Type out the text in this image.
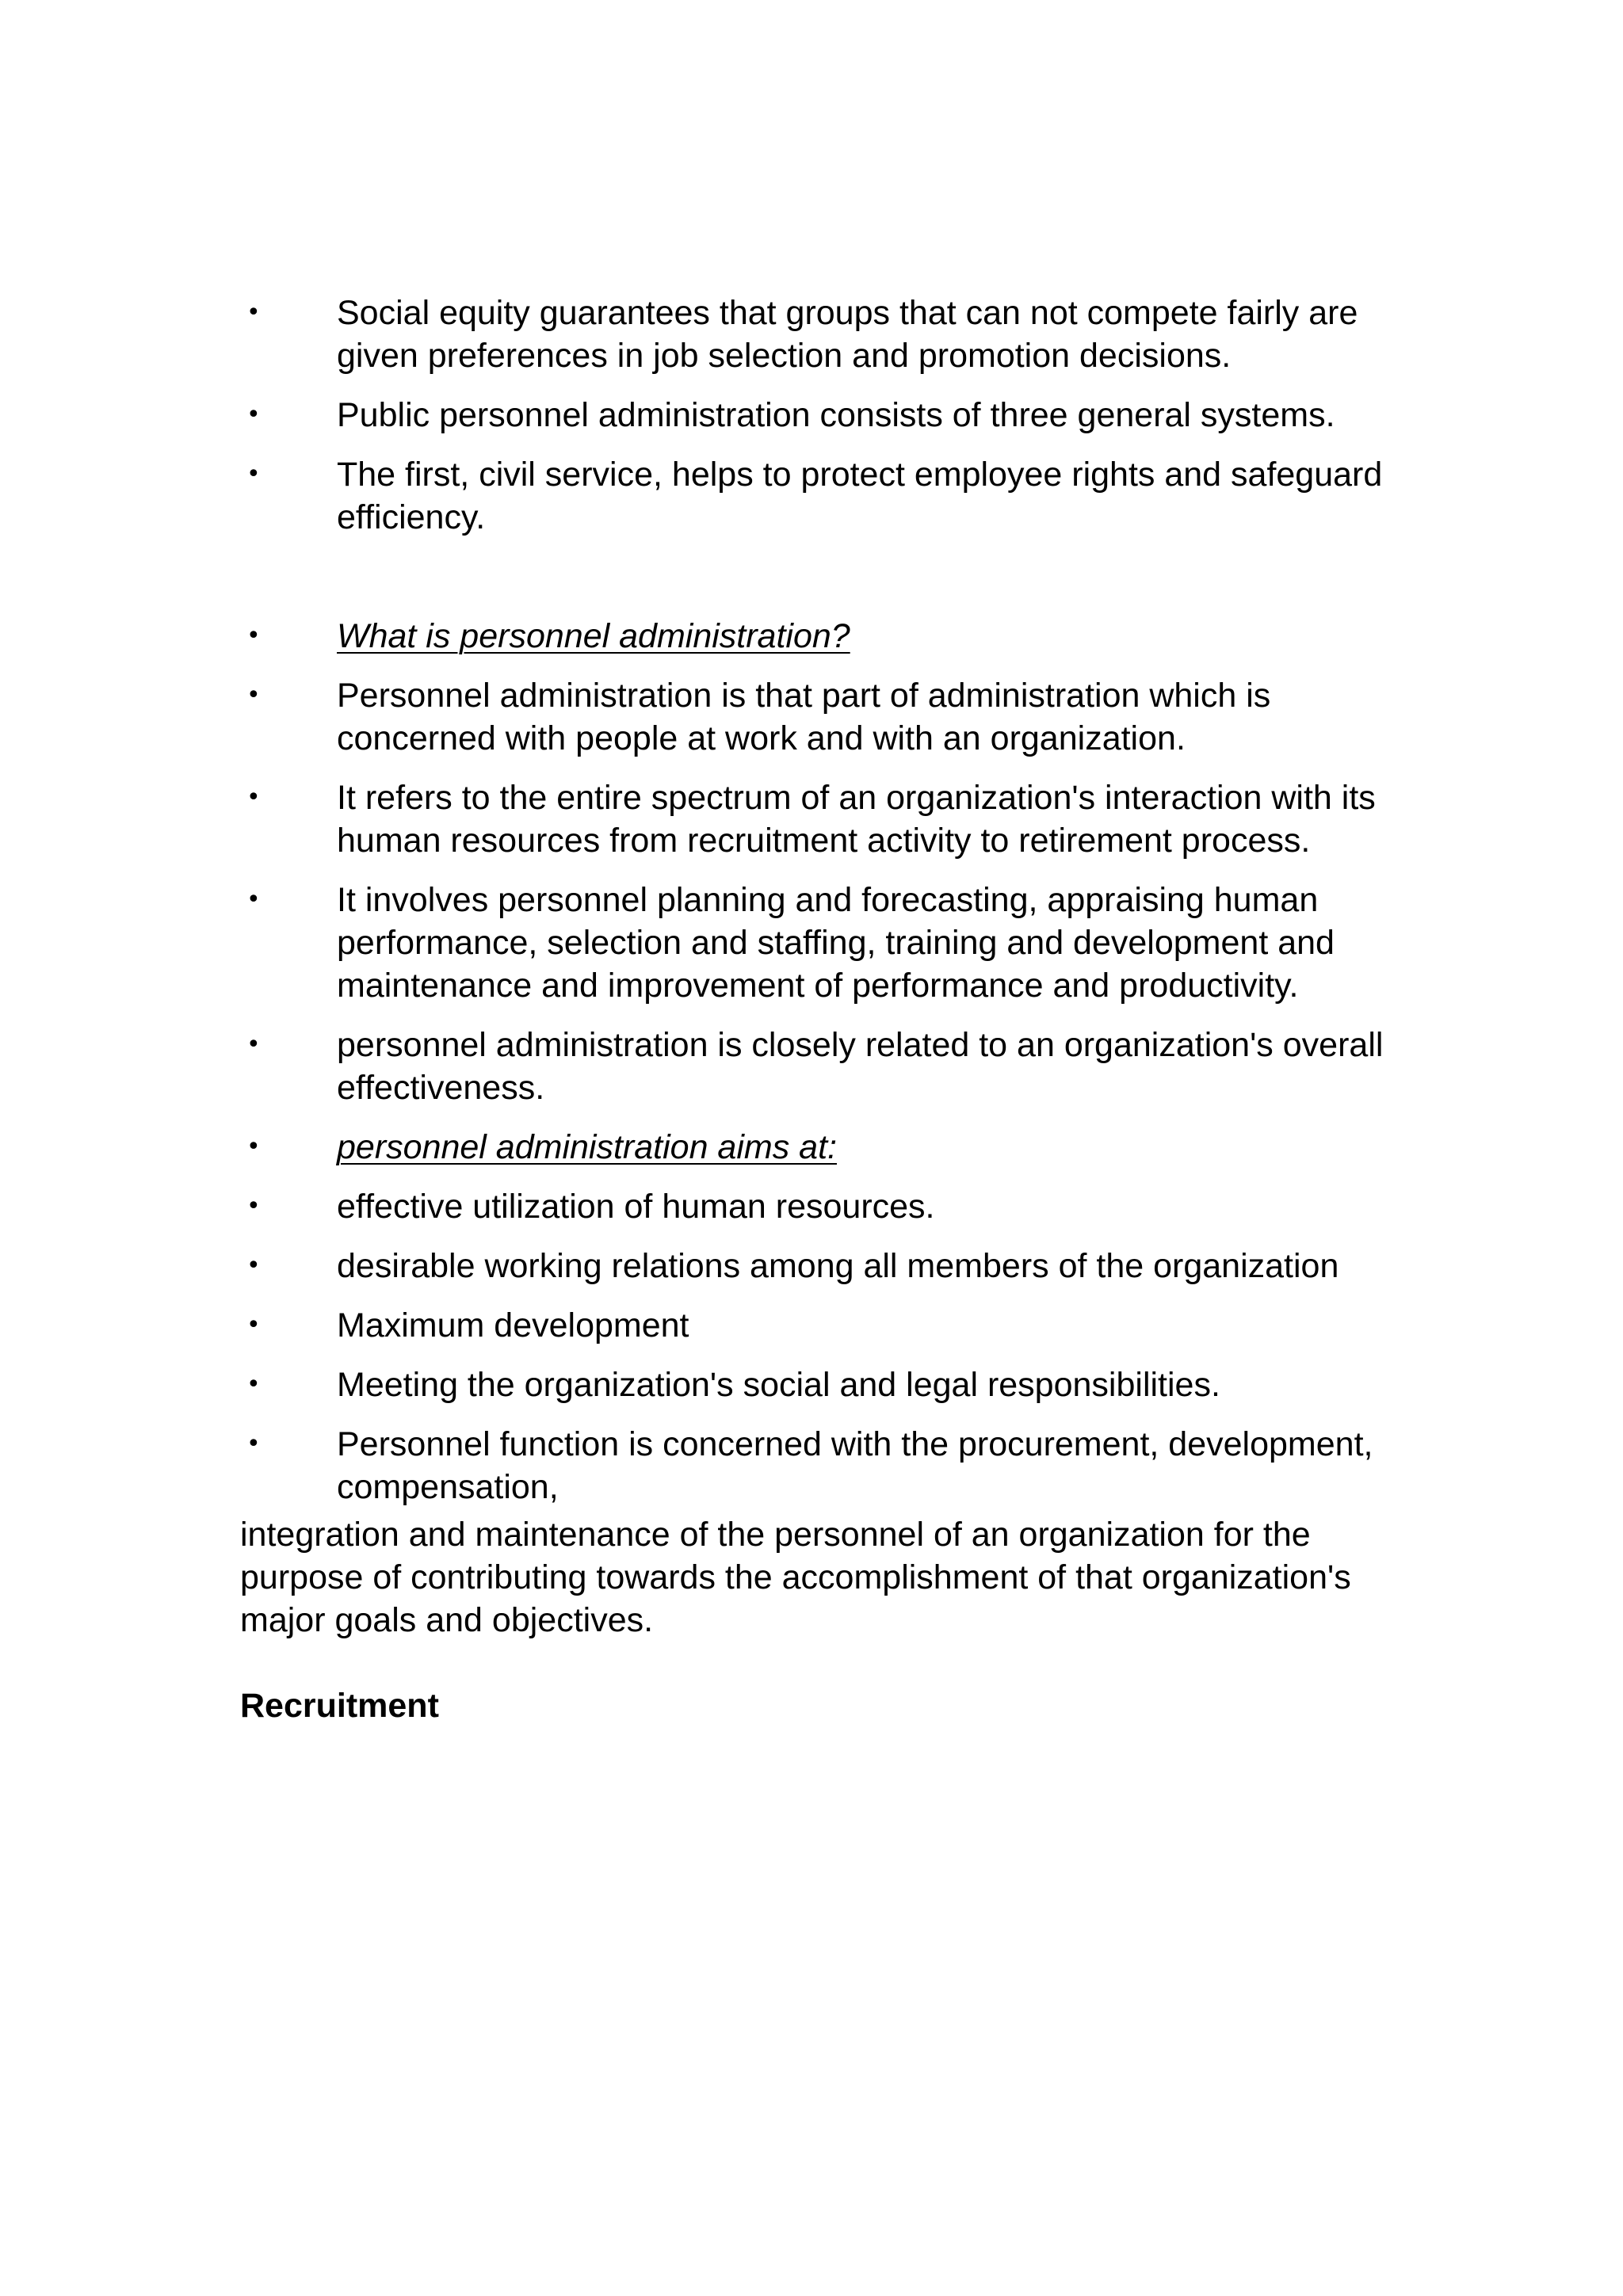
•	Social equity guarantees that groups that can not compete fairly are given preferences in job selection and promotion decisions.
•	Public personnel administration consists of three general systems.
•	The first, civil service, helps to protect employee rights and safeguard efficiency.
•	What is personnel administration?
•	Personnel administration is that part of administration which is concerned with people at work and with an organization.
•	It refers to the entire spectrum of an organization's interaction with its human resources from recruitment activity to retirement process.
•	It involves personnel planning and forecasting, appraising human performance, selection and staffing, training and development and maintenance and improvement of performance and productivity.
•	personnel administration is closely related to an organization's overall effectiveness.
•	personnel administration aims at:
•	effective utilization of human resources.
•	desirable working relations among all members of the organization
•	Maximum development
•	Meeting the organization's social and legal responsibilities.
•	Personnel function is concerned with the procurement, development, compensation,

integration and maintenance of the personnel of an organization for the purpose of contributing towards the accomplishment of that organization's major goals and objectives.

Recruitment
